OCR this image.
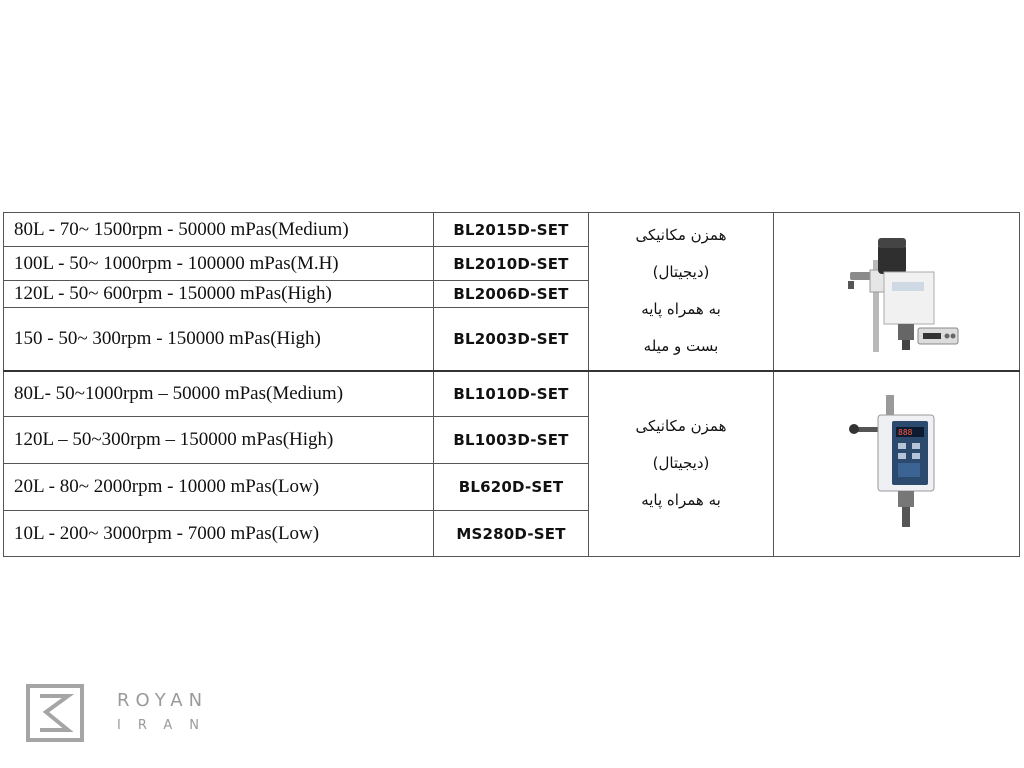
80L - 70~ 1500rpm - 50000 mPas(Medium)	BL2015D-SET	همزن مکانیکی
(دیجیتال)
به همراه پایه
بست و میله

100L - 50~ 1000rpm - 100000 mPas(M.H)	BL2010D-SET		
120L - 50~ 600rpm - 150000 mPas(High)	BL2006D-SET		
150 - 50~ 300rpm - 150000 mPas(High)	BL2003D-SET		
80L- 50~1000rpm – 50000 mPas(Medium)	BL1010D-SET	همزن مکانیکی
(دیجیتال)
به همراه پایه	888

120L – 50~300rpm – 150000 mPas(High)	BL1003D-SET		
20L - 80~ 2000rpm - 10000 mPas(Low)	BL620D-SET		
10L - 200~ 3000rpm - 7000 mPas(Low)	MS280D-SET		
ROYAN
IRAN
